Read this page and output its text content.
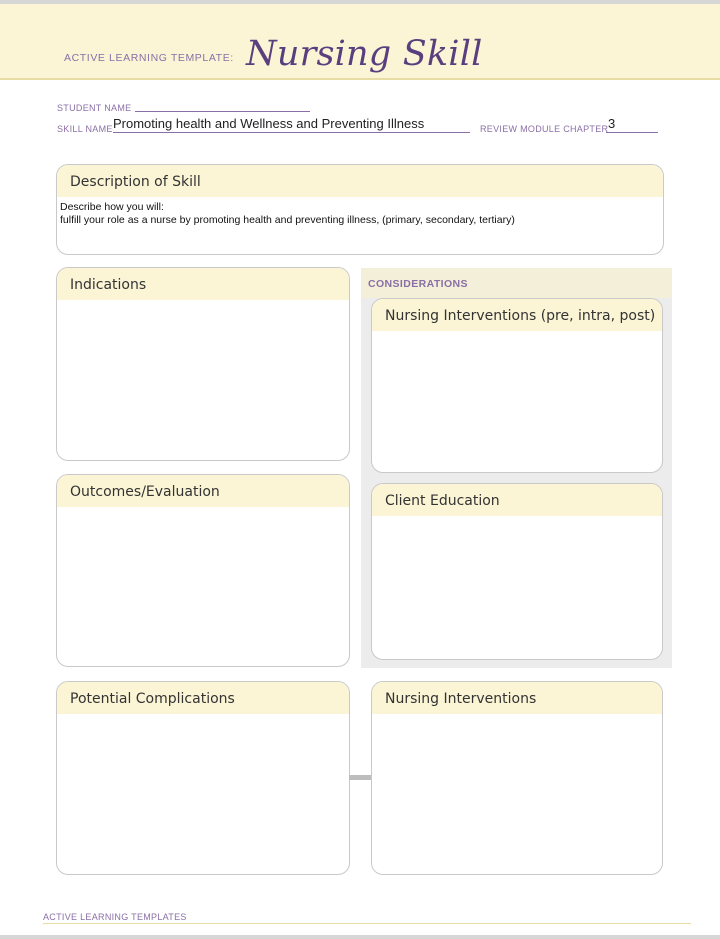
ACTIVE LEARNING TEMPLATE: Nursing Skill
STUDENT NAME
SKILL NAME Promoting health and Wellness and Preventing Illness	REVIEW MODULE CHAPTER 3
Description of Skill
Describe how you will:
fulfill your role as a nurse by promoting health and preventing illness, (primary, secondary, tertiary)
CONSIDERATIONS
Indications
Nursing Interventions (pre, intra, post)
Outcomes/Evaluation
Client Education
Potential Complications	Nursing Interventions
ACTIVE LEARNING TEMPLATES
